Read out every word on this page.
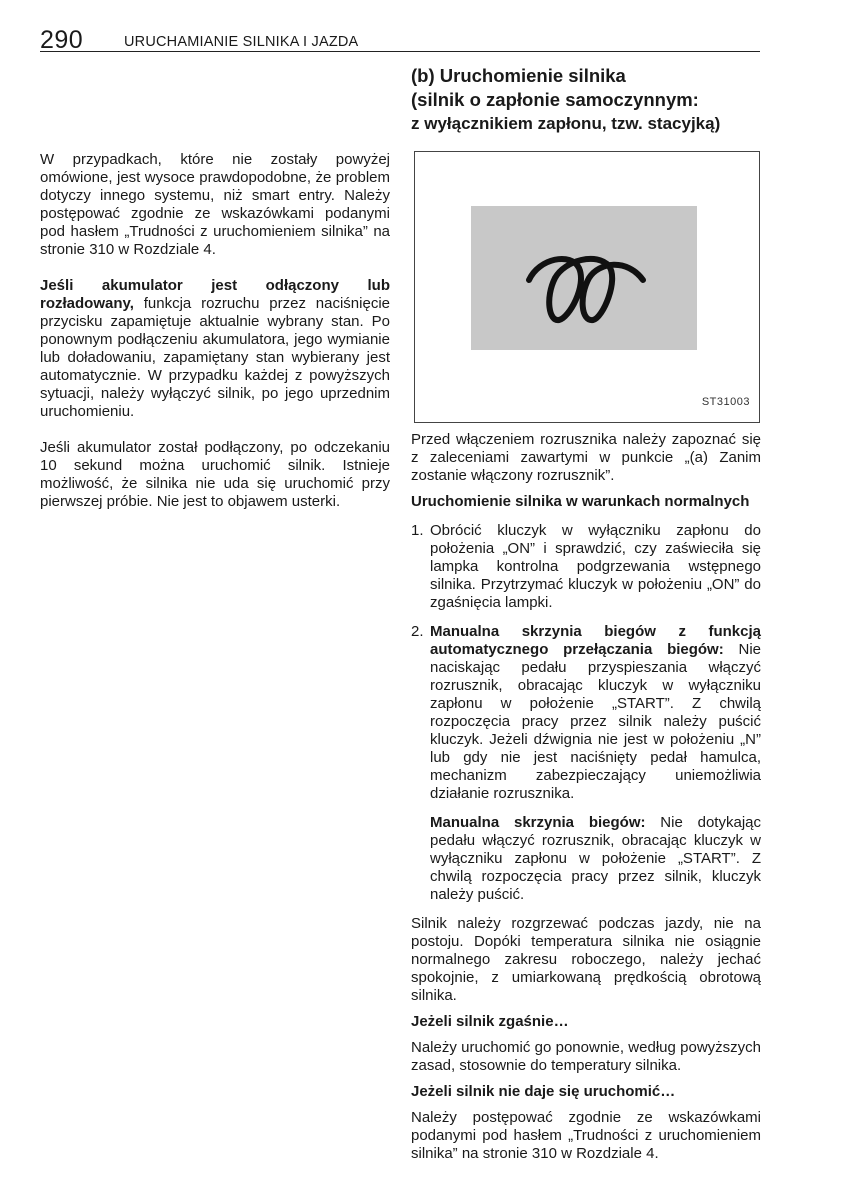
290	URUCHAMIANIE SILNIKA I JAZDA

W przypadkach, które nie zostały powyżej omówione, jest wysoce prawdopodobne, że problem dotyczy innego systemu, niż smart entry. Należy postępować zgodnie ze wskazówkami podanymi pod hasłem „Trudności z uruchomieniem silnika” na stronie 310 w Rozdziale 4.

Jeśli akumulator jest odłączony lub rozładowany, funkcja rozruchu przez naciśnięcie przycisku zapamiętuje aktualnie wybrany stan. Po ponownym podłączeniu akumulatora, jego wymianie lub doładowaniu, zapamiętany stan wybierany jest automatycznie. W przypadku każdej z powyższych sytuacji, należy wyłączyć silnik, po jego uprzednim uruchomieniu.

Jeśli akumulator został podłączony, po odczekaniu 10 sekund można uruchomić silnik. Istnieje możliwość, że silnika nie uda się uruchomić przy pierwszej próbie. Nie jest to objawem usterki.

(b) Uruchomienie silnika
(silnik o zapłonie samoczynnym:
z wyłącznikiem zapłonu, tzw. stacyjką)
ST31003

Przed włączeniem rozrusznika należy zapoznać się z zaleceniami zawartymi w punkcie „(a) Zanim zostanie włączony rozrusznik”.

Uruchomienie silnika w warunkach normalnych

1. Obrócić kluczyk w wyłączniku zapłonu do położenia „ON” i sprawdzić, czy zaświeciła się lampka kontrolna podgrzewania wstępnego silnika. Przytrzymać kluczyk w położeniu „ON” do zgaśnięcia lampki.

2. Manualna skrzynia biegów z funkcją automatycznego przełączania biegów: Nie naciskając pedału przyspieszania włączyć rozrusznik, obracając kluczyk w wyłączniku zapłonu w położenie „START”. Z chwilą rozpoczęcia pracy przez silnik należy puścić kluczyk. Jeżeli dźwignia nie jest w położeniu „N” lub gdy nie jest naciśnięty pedał hamulca, mechanizm zabezpieczający uniemożliwia działanie rozrusznika.

Manualna skrzynia biegów: Nie dotykając pedału włączyć rozrusznik, obracając kluczyk w wyłączniku zapłonu w położenie „START”. Z chwilą rozpoczęcia pracy przez silnik, kluczyk należy puścić.

Silnik należy rozgrzewać podczas jazdy, nie na postoju. Dopóki temperatura silnika nie osiągnie normalnego zakresu roboczego, należy jechać spokojnie, z umiarkowaną prędkością obrotową silnika.

Jeżeli silnik zgaśnie…

Należy uruchomić go ponownie, według powyższych zasad, stosownie do temperatury silnika.

Jeżeli silnik nie daje się uruchomić…

Należy postępować zgodnie ze wskazówkami podanymi pod hasłem „Trudności z uruchomieniem silnika” na stronie 310 w Rozdziale 4.
